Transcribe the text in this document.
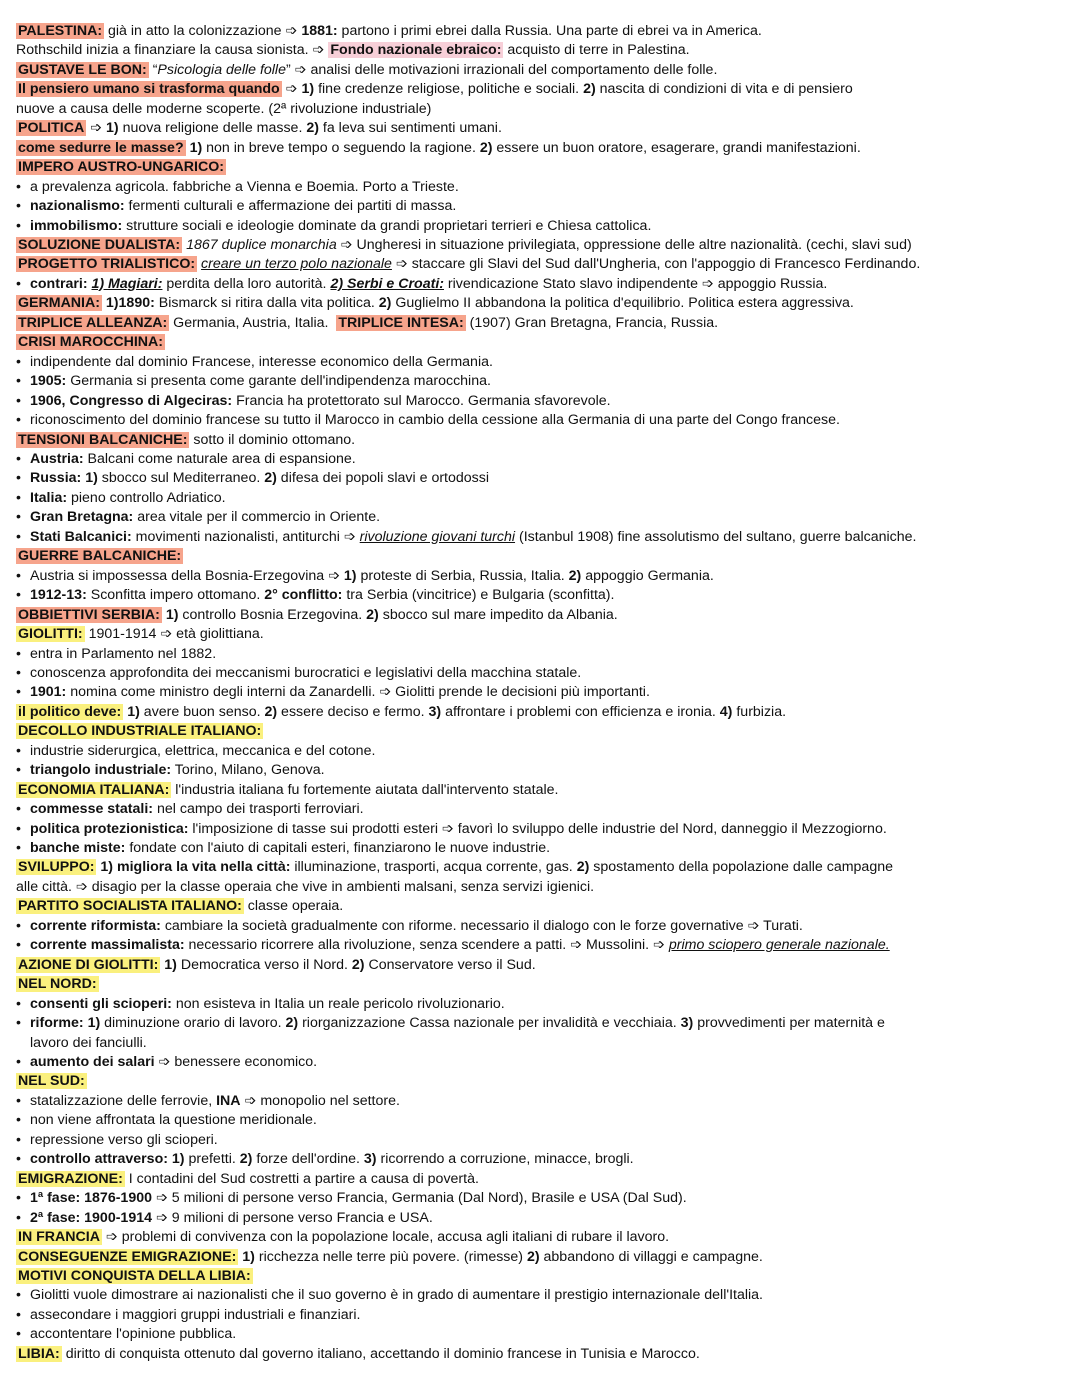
PALESTINA: già in atto la colonizzazione ➩ 1881: partono i primi ebrei dalla Russia. Una parte di ebrei va in America.
Rothschild inizia a finanziare la causa sionista. ➩ Fondo nazionale ebraico: acquisto di terre in Palestina.
GUSTAVE LE BON: “Psicologia delle folle” ➩ analisi delle motivazioni irrazionali del comportamento delle folle.
Il pensiero umano si trasforma quando ➩ 1) fine credenze religiose, politiche e sociali. 2) nascita di condizioni di vita e di pensiero
nuove a causa delle moderne scoperte. (2ª rivoluzione industriale)
POLITICA ➩ 1) nuova religione delle masse. 2) fa leva sui sentimenti umani.
come sedurre le masse? 1) non in breve tempo o seguendo la ragione. 2) essere un buon oratore, esagerare, grandi manifestazioni.
IMPERO AUSTRO-UNGARICO:
• a prevalenza agricola. fabbriche a Vienna e Boemia. Porto a Trieste.
• nazionalismo: fermenti culturali e affermazione dei partiti di massa.
• immobilismo: strutture sociali e ideologie dominate da grandi proprietari terrieri e Chiesa cattolica.
SOLUZIONE DUALISTA: 1867 duplice monarchia ➩ Ungheresi in situazione privilegiata, oppressione delle altre nazionalità. (cechi, slavi sud)
PROGETTO TRIALISTICO: creare un terzo polo nazionale ➩ staccare gli Slavi del Sud dall'Ungheria, con l'appoggio di Francesco Ferdinando.
• contrari: 1) Magiari: perdita della loro autorità. 2) Serbi e Croati: rivendicazione Stato slavo indipendente ➩ appoggio Russia.
GERMANIA: 1)1890: Bismarck si ritira dalla vita politica. 2) Guglielmo II abbandona la politica d'equilibrio. Politica estera aggressiva.
TRIPLICE ALLEANZA: Germania, Austria, Italia.  TRIPLICE INTESA: (1907) Gran Bretagna, Francia, Russia.
CRISI MAROCCHINA:
• indipendente dal dominio Francese, interesse economico della Germania.
• 1905: Germania si presenta come garante dell'indipendenza marocchina.
• 1906, Congresso di Algeciras: Francia ha protettorato sul Marocco. Germania sfavorevole.
• riconoscimento del dominio francese su tutto il Marocco in cambio della cessione alla Germania di una parte del Congo francese.
TENSIONI BALCANICHE: sotto il dominio ottomano.
• Austria: Balcani come naturale area di espansione.
• Russia: 1) sbocco sul Mediterraneo. 2) difesa dei popoli slavi e ortodossi
• Italia: pieno controllo Adriatico.
• Gran Bretagna: area vitale per il commercio in Oriente.
• Stati Balcanici: movimenti nazionalisti, antiturchi ➩ rivoluzione giovani turchi (Istanbul 1908) fine assolutismo del sultano, guerre balcaniche.
GUERRE BALCANICHE:
• Austria si impossessa della Bosnia-Erzegovina ➩ 1) proteste di Serbia, Russia, Italia. 2) appoggio Germania.
• 1912-13: Sconfitta impero ottomano. 2° conflitto: tra Serbia (vincitrice) e Bulgaria (sconfitta).
OBBIETTIVI SERBIA: 1) controllo Bosnia Erzegovina. 2) sbocco sul mare impedito da Albania.
GIOLITTI: 1901-1914 ➩ età giolittiana.
• entra in Parlamento nel 1882.
• conoscenza approfondita dei meccanismi burocratici e legislativi della macchina statale.
• 1901: nomina come ministro degli interni da Zanardelli. ➩ Giolitti prende le decisioni più importanti.
il politico deve: 1) avere buon senso. 2) essere deciso e fermo. 3) affrontare i problemi con efficienza e ironia. 4) furbizia.
DECOLLO INDUSTRIALE ITALIANO:
• industrie siderurgica, elettrica, meccanica e del cotone.
• triangolo industriale: Torino, Milano, Genova.
ECONOMIA ITALIANA: l'industria italiana fu fortemente aiutata dall'intervento statale.
• commesse statali: nel campo dei trasporti ferroviari.
• politica protezionistica: l'imposizione di tasse sui prodotti esteri ➩ favorì lo sviluppo delle industrie del Nord, danneggio il Mezzogiorno.
• banche miste: fondate con l'aiuto di capitali esteri, finanziarono le nuove industrie.
SVILUPPO: 1) migliora la vita nella città: illuminazione, trasporti, acqua corrente, gas. 2) spostamento della popolazione dalle campagne
alle città. ➩ disagio per la classe operaia che vive in ambienti malsani, senza servizi igienici.
PARTITO SOCIALISTA ITALIANO: classe operaia.
• corrente riformista: cambiare la società gradualmente con riforme. necessario il dialogo con le forze governative ➩ Turati.
• corrente massimalista: necessario ricorrere alla rivoluzione, senza scendere a patti. ➩ Mussolini. ➩ primo sciopero generale nazionale.
AZIONE DI GIOLITTI: 1) Democratica verso il Nord. 2) Conservatore verso il Sud.
NEL NORD:
• consenti gli scioperi: non esisteva in Italia un reale pericolo rivoluzionario.
• riforme: 1) diminuzione orario di lavoro. 2) riorganizzazione Cassa nazionale per invalidità e vecchiaia. 3) provvedimenti per maternità e
lavoro dei fanciulli.
• aumento dei salari ➩ benessere economico.
NEL SUD:
• statalizzazione delle ferrovie, INA ➩ monopolio nel settore.
• non viene affrontata la questione meridionale.
• repressione verso gli scioperi.
• controllo attraverso: 1) prefetti. 2) forze dell'ordine. 3) ricorrendo a corruzione, minacce, brogli.
EMIGRAZIONE: I contadini del Sud costretti a partire a causa di povertà.
• 1ª fase: 1876-1900 ➩ 5 milioni di persone verso Francia, Germania (Dal Nord), Brasile e USA (Dal Sud).
• 2ª fase: 1900-1914 ➩ 9 milioni di persone verso Francia e USA.
IN FRANCIA ➩ problemi di convivenza con la popolazione locale, accusa agli italiani di rubare il lavoro.
CONSEGUENZE EMIGRAZIONE: 1) ricchezza nelle terre più povere. (rimesse) 2) abbandono di villaggi e campagne.
MOTIVI CONQUISTA DELLA LIBIA:
• Giolitti vuole dimostrare ai nazionalisti che il suo governo è in grado di aumentare il prestigio internazionale dell'Italia.
• assecondare i maggiori gruppi industriali e finanziari.
• accontentare l'opinione pubblica.
LIBIA: diritto di conquista ottenuto dal governo italiano, accettando il dominio francese in Tunisia e Marocco.
